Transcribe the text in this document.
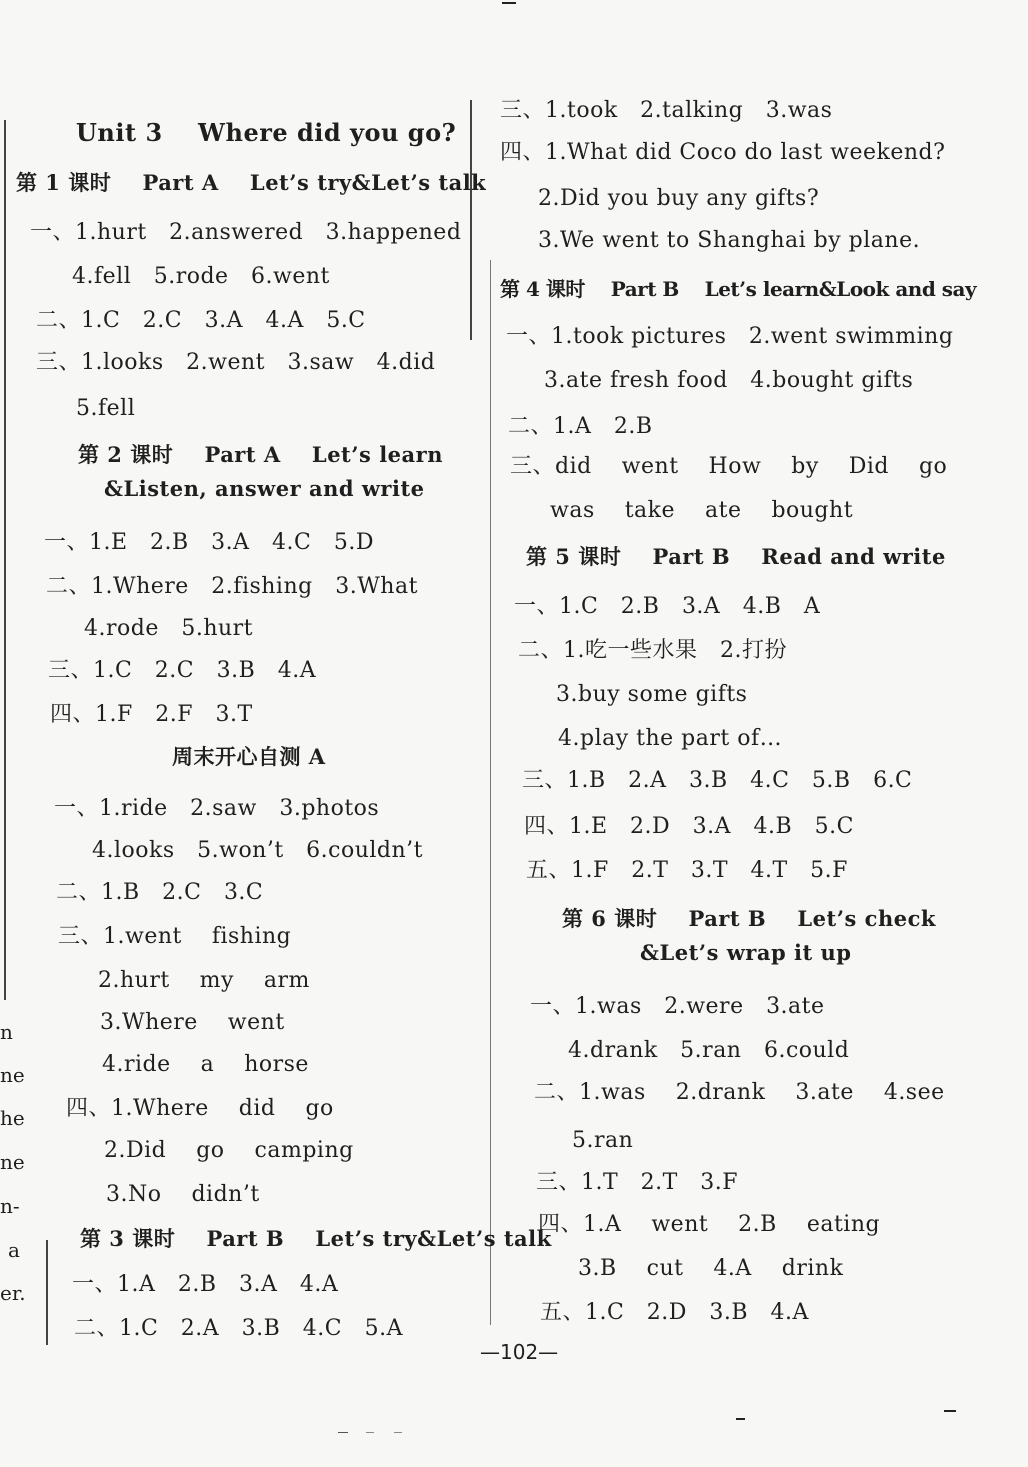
n
ne
he
ne
n-
a
er.
Unit 3    Where did you go?
第 1 课时    Part A    Let’s try&Let’s talk
一、1.hurt   2.answered   3.happened
4.fell   5.rode   6.went
二、1.C   2.C   3.A   4.A   5.C
三、1.looks   2.went   3.saw   4.did
5.fell
第 2 课时    Part A    Let’s learn
&Listen, answer and write
一、1.E   2.B   3.A   4.C   5.D
二、1.Where   2.fishing   3.What
4.rode   5.hurt
三、1.C   2.C   3.B   4.A
四、1.F   2.F   3.T
周末开心自测 A
一、1.ride   2.saw   3.photos
4.looks   5.won’t   6.couldn’t
二、1.B   2.C   3.C
三、1.went    fishing
2.hurt    my    arm
3.Where    went
4.ride    a    horse
四、1.Where    did    go
2.Did    go    camping
3.No    didn’t
第 3 课时    Part B    Let’s try&Let’s talk
一、1.A   2.B   3.A   4.A
二、1.C   2.A   3.B   4.C   5.A
三、1.took   2.talking   3.was
四、1.What did Coco do last weekend?
2.Did you buy any gifts?
3.We went to Shanghai by plane.
第 4 课时    Part B    Let’s learn&Look and say
一、1.took pictures   2.went swimming
3.ate fresh food   4.bought gifts
二、1.A   2.B
三、did    went    How    by    Did    go
was    take    ate    bought
第 5 课时    Part B    Read and write
一、1.C   2.B   3.A   4.B   A
二、1.吃一些水果   2.打扮
3.buy some gifts
4.play the part of…
三、1.B   2.A   3.B   4.C   5.B   6.C
四、1.E   2.D   3.A   4.B   5.C
五、1.F   2.T   3.T   4.T   5.F
第 6 课时    Part B    Let’s check
&Let’s wrap it up
一、1.was   2.were   3.ate
4.drank   5.ran   6.could
二、1.was    2.drank    3.ate    4.see
5.ran
三、1.T   2.T   3.F
四、1.A    went    2.B    eating
3.B    cut    4.A    drink
五、1.C   2.D   3.B   4.A
—102—
